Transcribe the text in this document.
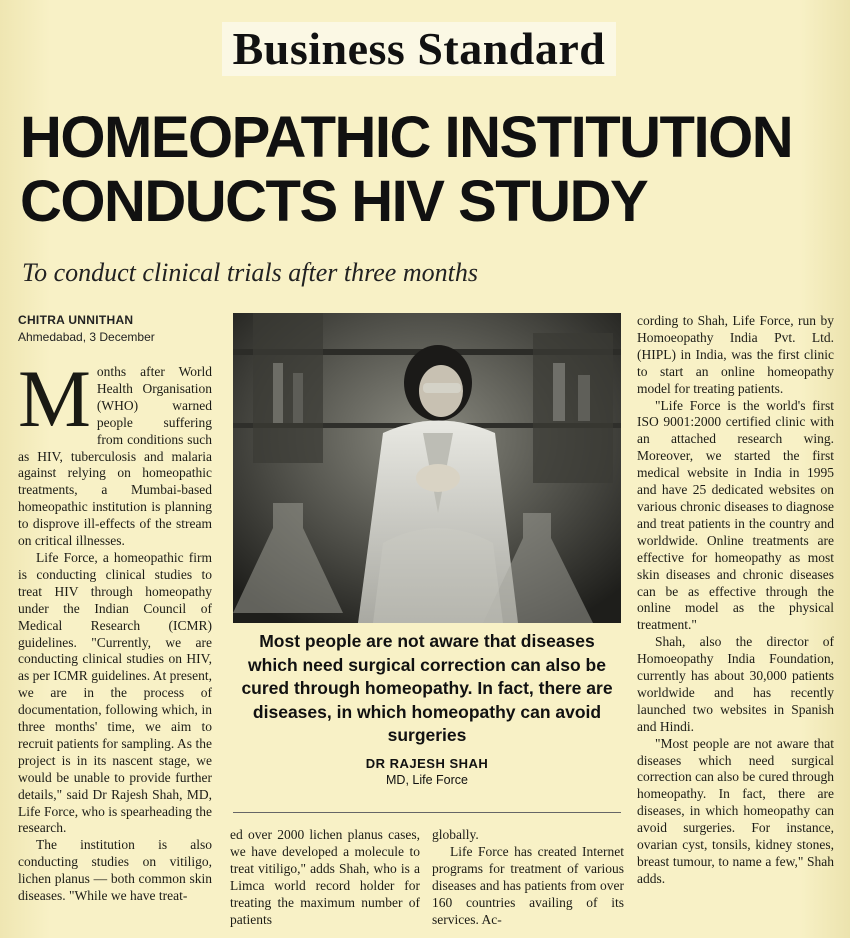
Business Standard
HOMEOPATHIC INSTITUTION
CONDUCTS HIV STUDY
To conduct clinical trials after three months
CHITRA UNNITHAN
Ahmedabad, 3 December

Months after World Health Organisation (WHO) warned people suffering from conditions such as HIV, tuberculosis and malaria against relying on homeopathic treatments, a Mumbai-based homeopathic institution is planning to disprove ill-effects of the stream on critical illnesses.

Life Force, a homeopathic firm is conducting clinical studies to treat HIV through homeopathy under the Indian Council of Medical Research (ICMR) guidelines. "Currently, we are conducting clinical studies on HIV, as per ICMR guidelines. At present, we are in the process of documentation, following which, in three months' time, we aim to recruit patients for sampling. As the project is in its nascent stage, we would be unable to provide further details," said Dr Rajesh Shah, MD, Life Force, who is spearheading the research.

The institution is also conducting studies on vitiligo, lichen planus — both common skin diseases. "While we have treat-

ed over 2000 lichen planus cases, we have developed a molecule to treat vitiligo," adds Shah, who is a Limca world record holder for treating the maximum number of patients

globally.

Life Force has created Internet programs for treatment of various diseases and has patients from over 160 countries availing of its services. Ac-

cording to Shah, Life Force, run by Homoeopathy India Pvt. Ltd. (HIPL) in India, was the first clinic to start an online homeopathy model for treating patients.

"Life Force is the world's first ISO 9001:2000 certified clinic with an attached research wing. Moreover, we started the first medical website in India in 1995 and have 25 dedicated websites on various chronic diseases to diagnose and treat patients in the country and worldwide. Online treatments are effective for homeopathy as most skin diseases and chronic diseases can be as effective through the online model as the physical treatment."

Shah, also the director of Homoeopathy India Foundation, currently has about 30,000 patients worldwide and has recently launched two websites in Spanish and Hindi.

"Most people are not aware that diseases which need surgical correction can also be cured through homeopathy. In fact, there are diseases, in which homeopathy can avoid surgeries. For instance, ovarian cyst, tonsils, kidney stones, breast tumour, to name a few," Shah adds.

Most people are not aware that diseases which need surgical correction can also be cured through homeopathy. In fact, there are diseases, in which homeopathy can avoid surgeries
DR RAJESH SHAH
MD, Life Force
